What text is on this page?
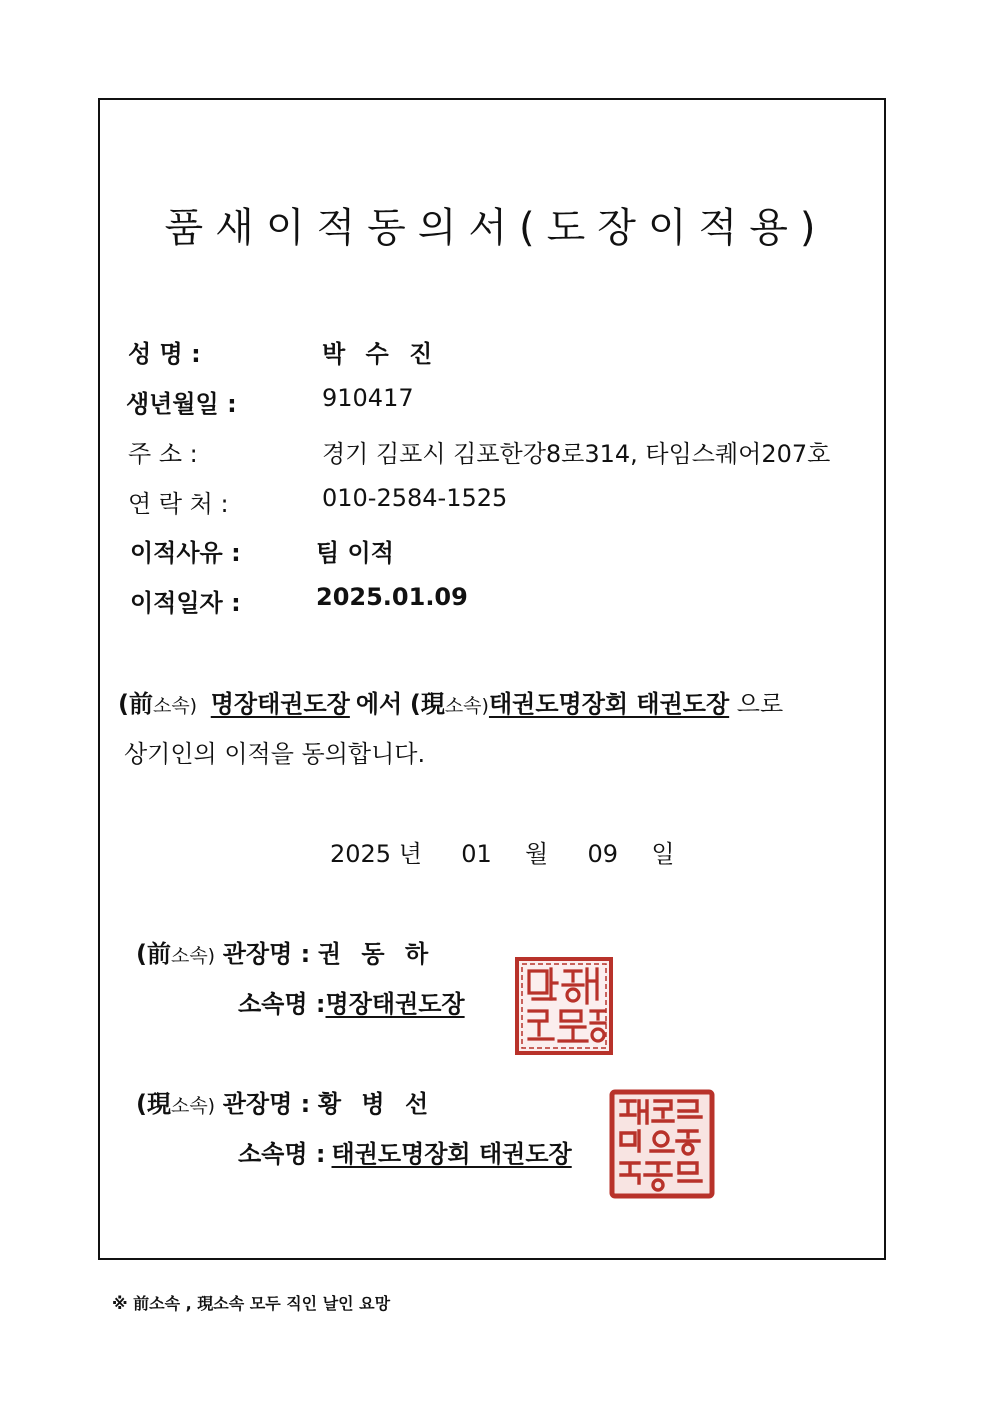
품새이적동의서(도장이적용)
성 명 :	박 수 진
생년월일 :	910417
주 소 :	경기 김포시 김포한강8로314, 타임스퀘어207호
연 락 처 :	010-2584-1525
이적사유 :	팀 이적
이적일자 :	2025.01.09
(前소속) 명장태권도장 에서 (現소속)태권도명장회 태권도장 으로
상기인의 이적을 동의합니다.
2025 년 01 월 09 일
(前소속) 관장명 : 권 동 하
소속명 :명장태권도장
(現소속) 관장명 : 황 병 선
소속명 : 태권도명장회 태권도장
※ 前소속 , 現소속 모두 직인 날인 요망
